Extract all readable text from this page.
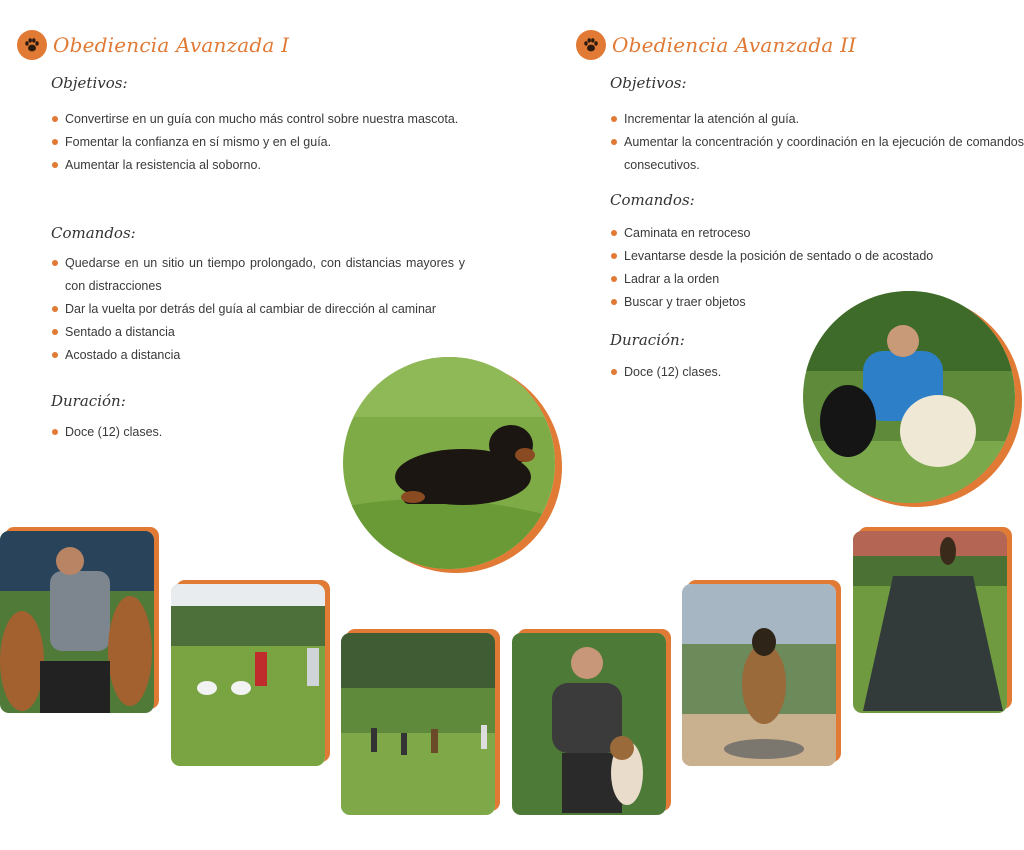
Obediencia Avanzada I
Objetivos:
Convertirse en un guía con mucho más control sobre nuestra mascota.
Fomentar la confianza en sí mismo y en el guía.
Aumentar la resistencia al soborno.
Comandos:
Quedarse en un sitio un tiempo prolongado, con distancias mayores y con distracciones
Dar la vuelta por detrás del guía al cambiar de dirección al caminar
Sentado a distancia
Acostado a distancia
Duración:
Doce (12) clases.
Obediencia Avanzada II
Objetivos:
Incrementar la atención al guía.
Aumentar la concentración y coordinación en la ejecución de comandos consecutivos.
Comandos:
Caminata en retroceso
Levantarse desde la posición de sentado o de acostado
Ladrar a la orden
Buscar y traer objetos
Duración:
Doce (12) clases.
